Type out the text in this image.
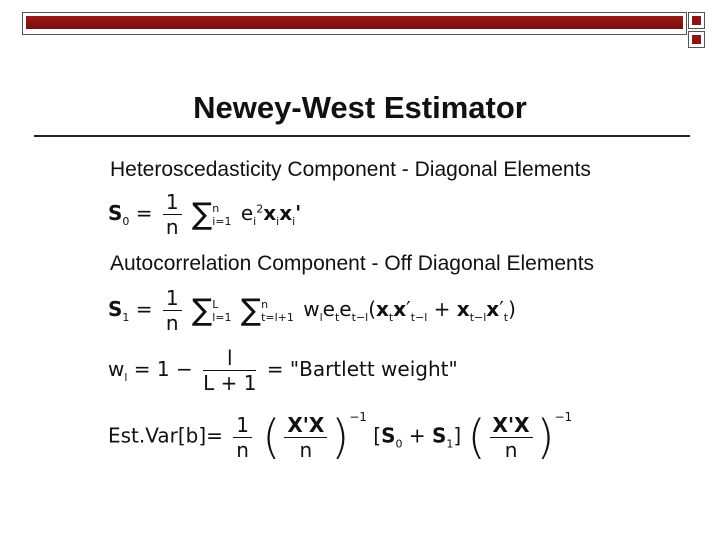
Newey-West Estimator
Heteroscedasticity Component - Diagonal Elements
$S_0 = \frac{1}{n} \sum n$
i=1 $e_i^2x_ix_i'$
Autocorrelation Component - Off Diagonal Elements
$S_1 = \frac{1}{n} \sum L$
l=1 ∑n
t=l+1 $w_le_te_{t-l}(x_tx'_{t-l} + x_{t-l}x'_t)$
$w_l = 1 - \frac{l}{L + 1}$ = "Bartlett weight"
$Est.Var[b]= \frac{1}{n}$ ( $\frac{X'X}{n} )^{-1}$ $[S_0 + S_1]$ ( $\frac{X'X}{n} )^{-1}$
